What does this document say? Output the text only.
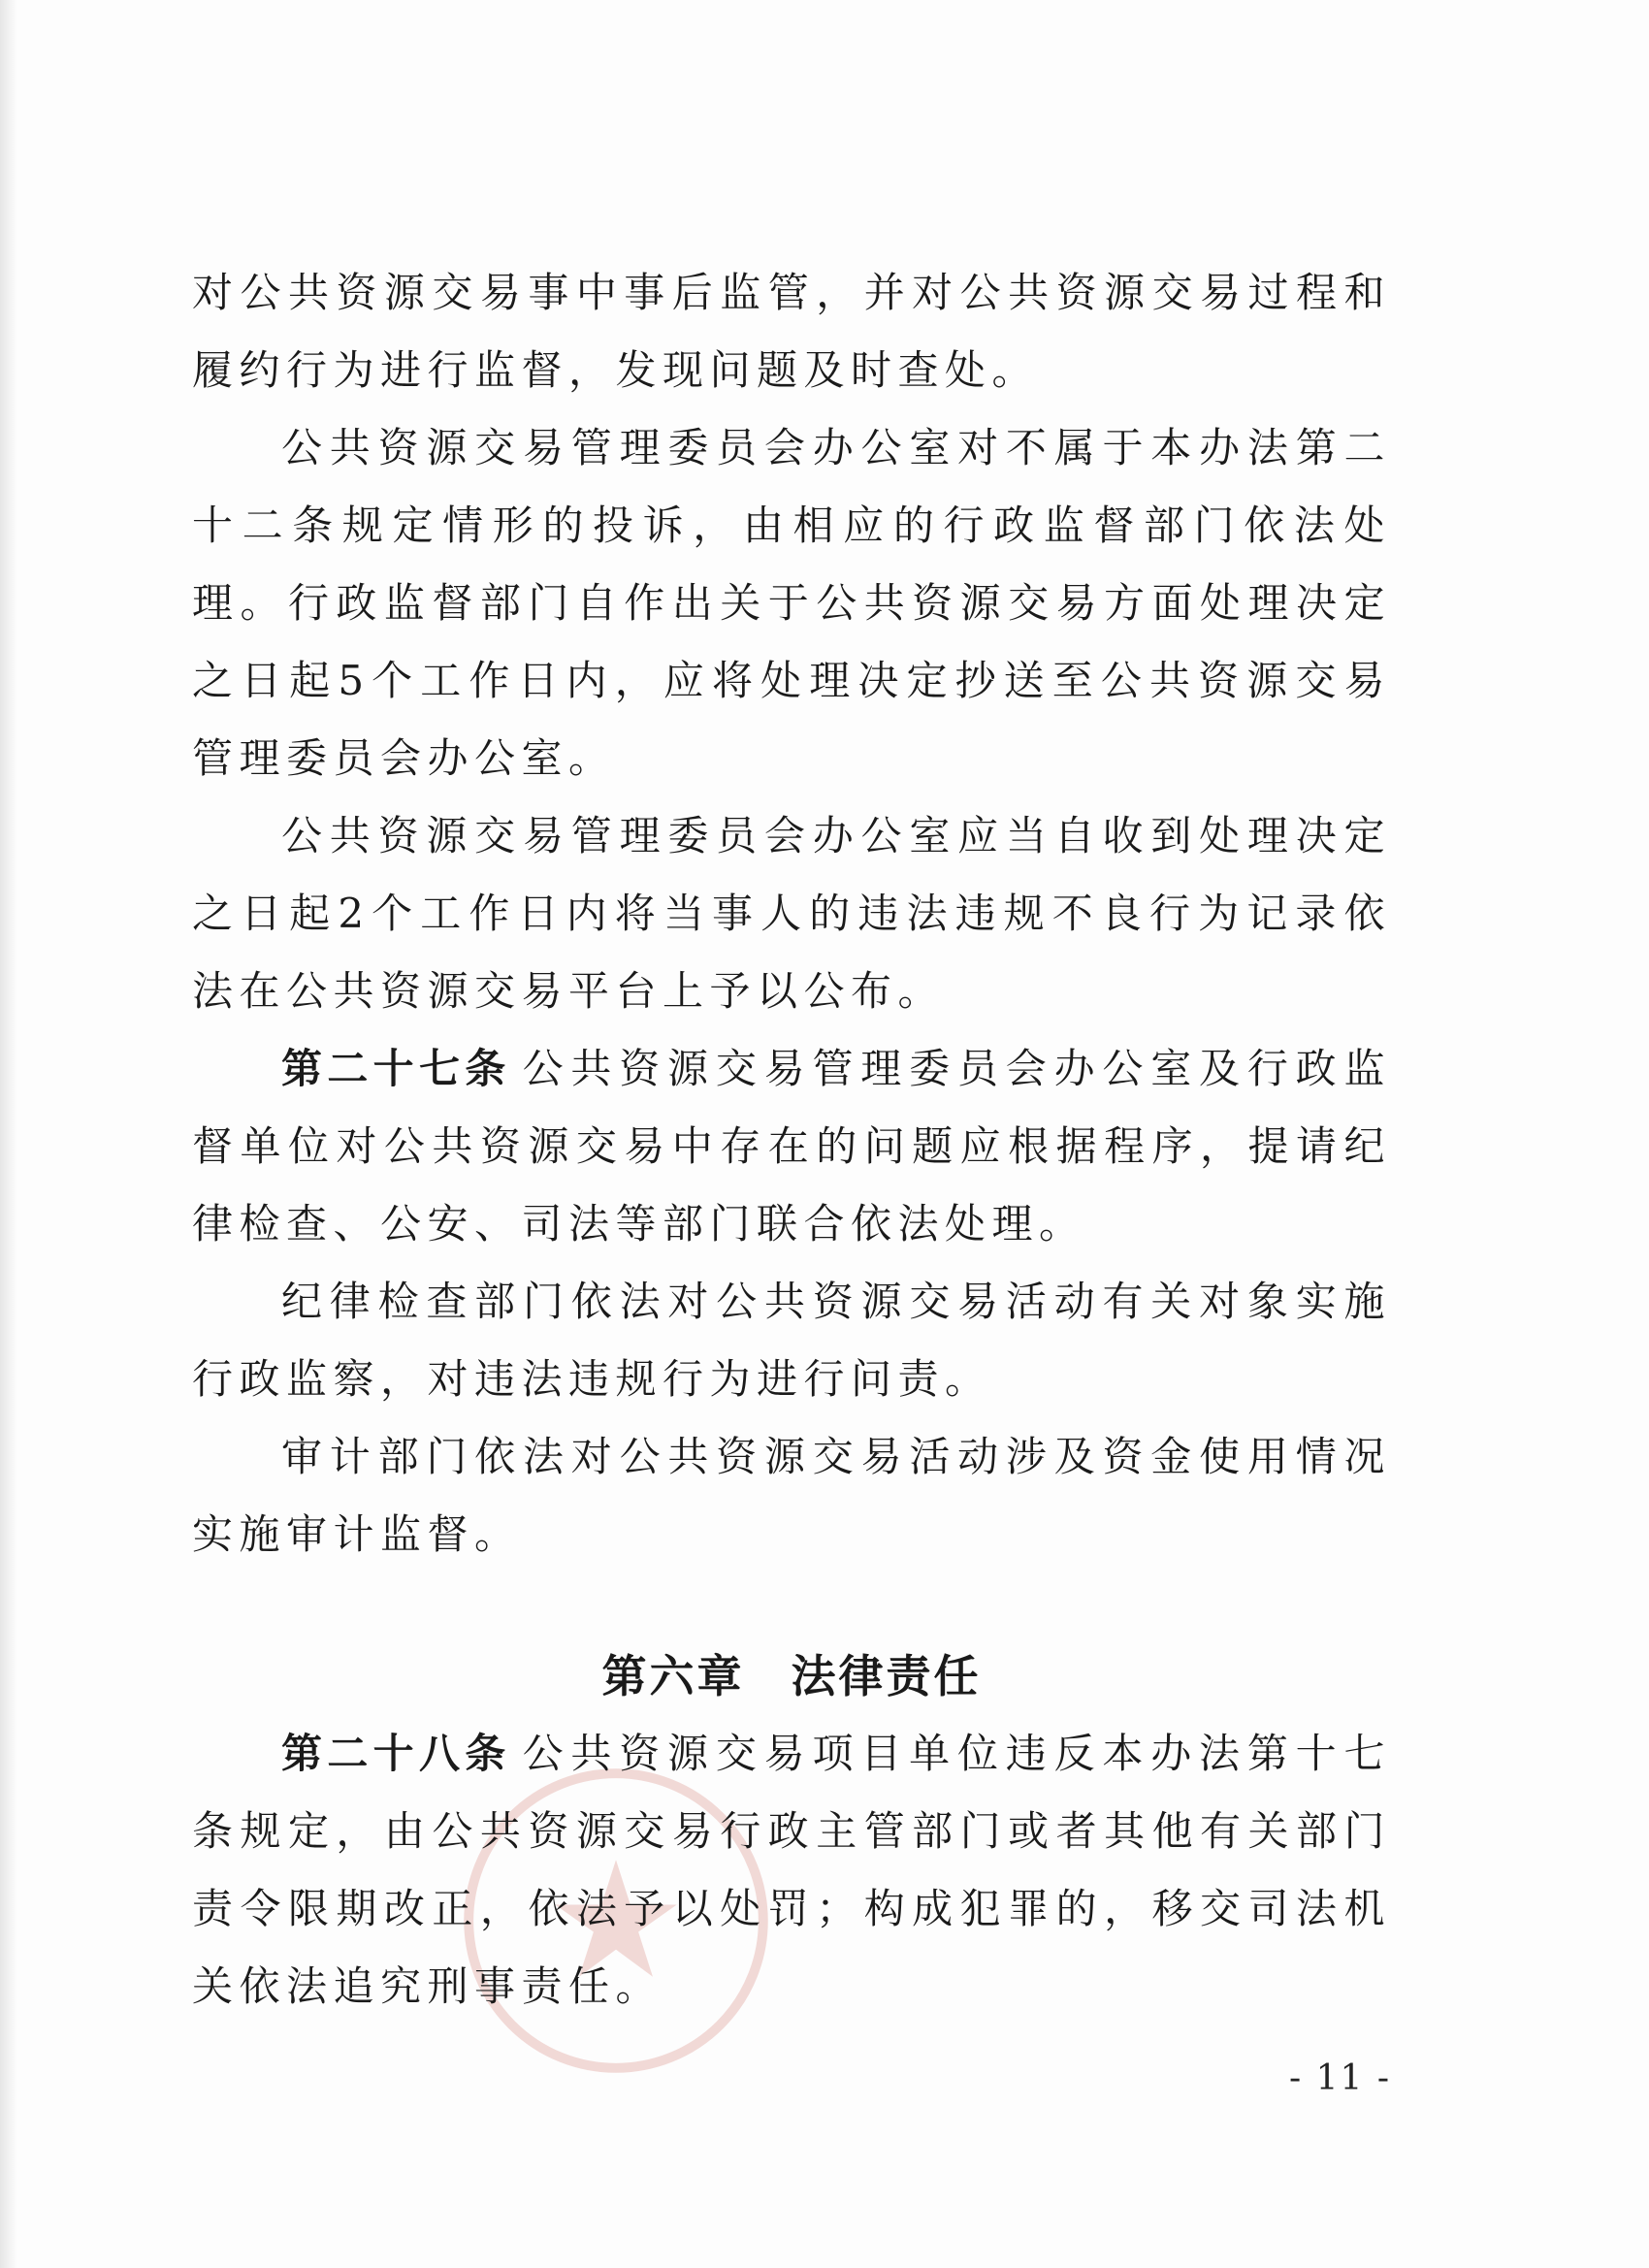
对公共资源交易事中事后监管，并对公共资源交易过程和履约行为进行监督，发现问题及时查处。

公共资源交易管理委员会办公室对不属于本办法第二十二条规定情形的投诉，由相应的行政监督部门依法处理。行政监督部门自作出关于公共资源交易方面处理决定之日起5个工作日内，应将处理决定抄送至公共资源交易管理委员会办公室。

公共资源交易管理委员会办公室应当自收到处理决定之日起2个工作日内将当事人的违法违规不良行为记录依法在公共资源交易平台上予以公布。

第二十七条 公共资源交易管理委员会办公室及行政监督单位对公共资源交易中存在的问题应根据程序，提请纪律检查、公安、司法等部门联合依法处理。

纪律检查部门依法对公共资源交易活动有关对象实施行政监察，对违法违规行为进行问责。

审计部门依法对公共资源交易活动涉及资金使用情况实施审计监督。

第六章 法律责任

第二十八条 公共资源交易项目单位违反本办法第十七条规定，由公共资源交易行政主管部门或者其他有关部门责令限期改正，依法予以处罚；构成犯罪的，移交司法机关依法追究刑事责任。

- 11 -
